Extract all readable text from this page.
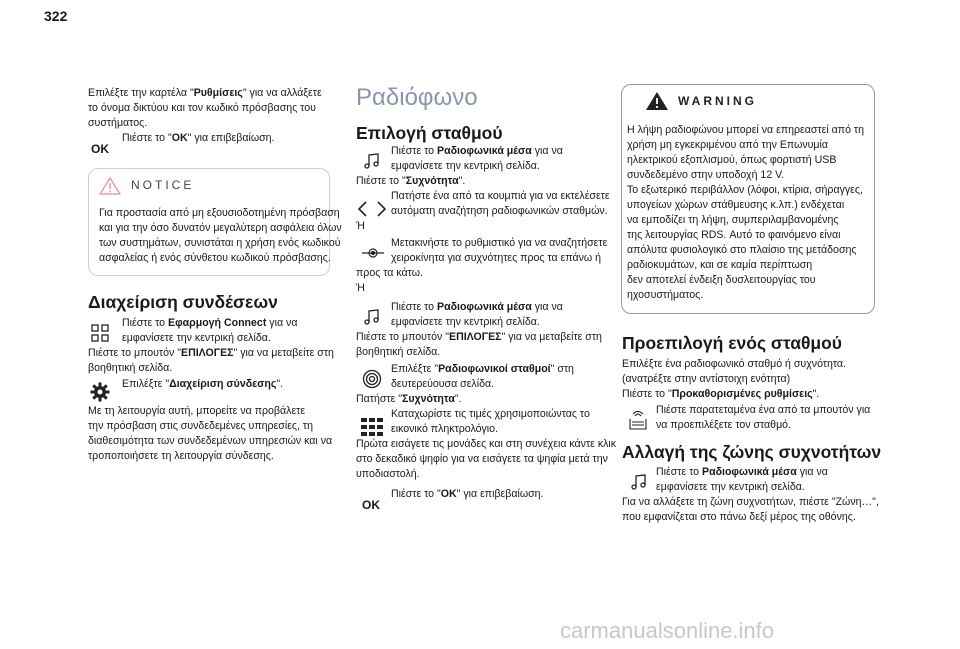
322
Επιλέξτε την καρτέλα "Ρυθμίσεις" για να αλλάξετε
το όνομα δικτύου και τον κωδικό πρόσβασης του
συστήματος.
OK
Πιέστε το "OK" για επιβεβαίωση.
NOTICE
Για προστασία από μη εξουσιοδοτημένη πρόσβαση
και για την όσο δυνατόν μεγαλύτερη ασφάλεια όλων
των συστημάτων, συνιστάται η χρήση ενός κωδικού
ασφαλείας ή ενός σύνθετου κωδικού πρόσβασης.
Διαχείριση συνδέσεων
Πιέστε το Εφαρμογή Connect για να
εμφανίσετε την κεντρική σελίδα.
Πιέστε το μπουτόν "ΕΠΙΛΟΓΕΣ" για να μεταβείτε στη
βοηθητική σελίδα.
Επιλέξτε "Διαχείριση σύνδεσης".
Με τη λειτουργία αυτή, μπορείτε να προβάλετε
την πρόσβαση στις συνδεδεμένες υπηρεσίες, τη
διαθεσιμότητα των συνδεδεμένων υπηρεσιών και να
τροποποιήσετε τη λειτουργία σύνδεσης.
Ραδιόφωνο
Επιλογή σταθμού
Πιέστε το Ραδιοφωνικά μέσα για να
εμφανίσετε την κεντρική σελίδα.
Πιέστε το "Συχνότητα".
Πατήστε ένα από τα κουμπιά για να εκτελέσετε
αυτόματη αναζήτηση ραδιοφωνικών σταθμών.
Ή
Μετακινήστε το ρυθμιστικό για να αναζητήσετε
χειροκίνητα για συχνότητες προς τα επάνω ή
προς τα κάτω.
Ή
Πιέστε το Ραδιοφωνικά μέσα για να
εμφανίσετε την κεντρική σελίδα.
Πιέστε το μπουτόν "ΕΠΙΛΟΓΕΣ" για να μεταβείτε στη
βοηθητική σελίδα.
Επιλέξτε "Ραδιοφωνικοί σταθμοί" στη
δευτερεύουσα σελίδα.
Πατήστε "Συχνότητα".
Καταχωρίστε τις τιμές χρησιμοποιώντας το
εικονικό πληκτρολόγιο.
Πρώτα εισάγετε τις μονάδες και στη συνέχεια κάντε κλικ
στο δεκαδικό ψηφίο για να εισάγετε τα ψηφία μετά την
υποδιαστολή.
OK
Πιέστε το "OK" για επιβεβαίωση.
WARNING
Η λήψη ραδιοφώνου μπορεί να επηρεαστεί από τη
χρήση μη εγκεκριμένου από την Επωνυμία
ηλεκτρικού εξοπλισμού, όπως φορτιστή USB
συνδεδεμένο στην υποδοχή 12 V.
Το εξωτερικό περιβάλλον (λόφοι, κτίρια, σήραγγες,
υπογείων χώρων στάθμευσης κ.λπ.) ενδέχεται
να εμποδίζει τη λήψη, συμπεριλαμβανομένης
της λειτουργίας RDS. Αυτό το φαινόμενο είναι
απόλυτα φυσιολογικό στο πλαίσιο της μετάδοσης
ραδιοκυμάτων, και σε καμία περίπτωση
δεν αποτελεί ένδειξη δυσλειτουργίας του
ηχοσυστήματος.
Προεπιλογή ενός σταθμού
Επιλέξτε ένα ραδιοφωνικό σταθμό ή συχνότητα.
(ανατρέξτε στην αντίστοιχη ενότητα)
Πιέστε το "Προκαθορισμένες ρυθμίσεις".
Πιέστε παρατεταμένα ένα από τα μπουτόν για
να προεπιλέξετε τον σταθμό.
Αλλαγή της ζώνης συχνοτήτων
Πιέστε το Ραδιοφωνικά μέσα για να
εμφανίσετε την κεντρική σελίδα.
Για να αλλάξετε τη ζώνη συχνοτήτων, πιέστε "Ζώνη…",
που εμφανίζεται στο πάνω δεξί μέρος της οθόνης.
carmanualsonline.info
